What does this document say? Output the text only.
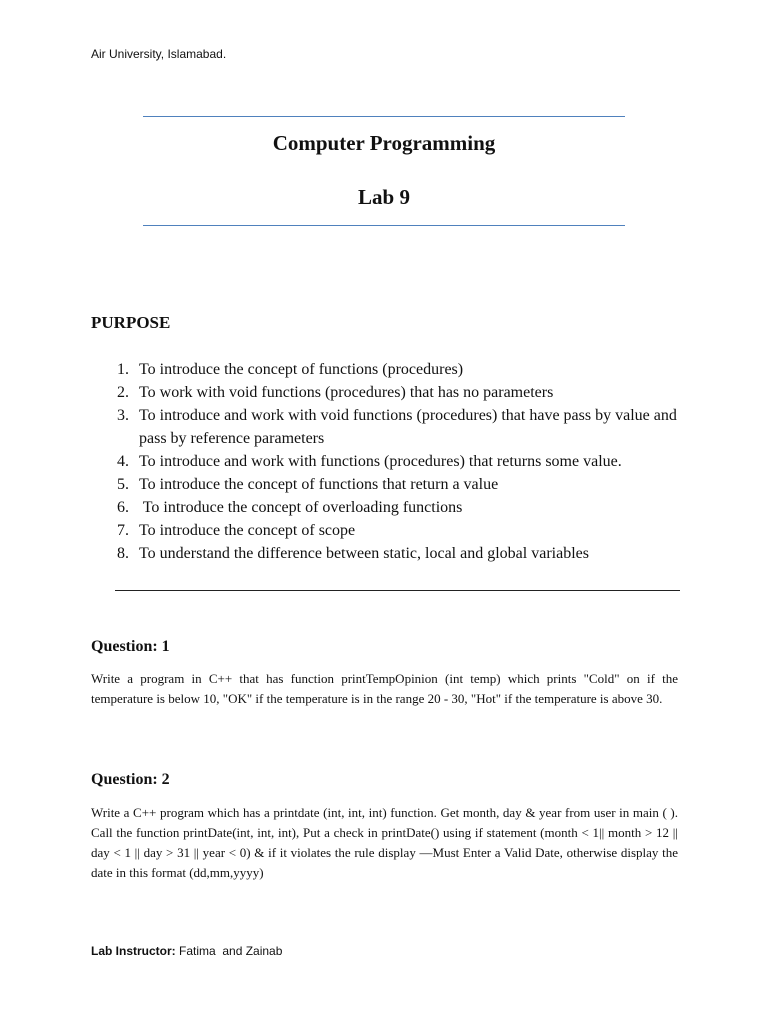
Air University, Islamabad.
Computer Programming
Lab 9
PURPOSE
1. To introduce the concept of functions (procedures)
2. To work with void functions (procedures) that has no parameters
3. To introduce and work with void functions (procedures) that have pass by value and pass by reference parameters
4. To introduce and work with functions (procedures) that returns some value.
5. To introduce the concept of functions that return a value
6. To introduce the concept of overloading functions
7. To introduce the concept of scope
8. To understand the difference between static, local and global variables
Question: 1
Write a program in C++ that has function printTempOpinion (int temp) which prints "Cold" on if the temperature is below 10, "OK" if the temperature is in the range 20 - 30, "Hot" if the temperature is above 30.
Question: 2
Write a C++ program which has a printdate (int, int, int) function. Get month, day & year from user in main ( ). Call the function printDate(int, int, int), Put a check in printDate() using if statement (month < 1|| month > 12 || day < 1 || day > 31 || year < 0) & if it violates the rule display ―Must Enter a Valid Date, otherwise display the date in this format (dd,mm,yyyy)
Lab Instructor: Fatima  and Zainab
